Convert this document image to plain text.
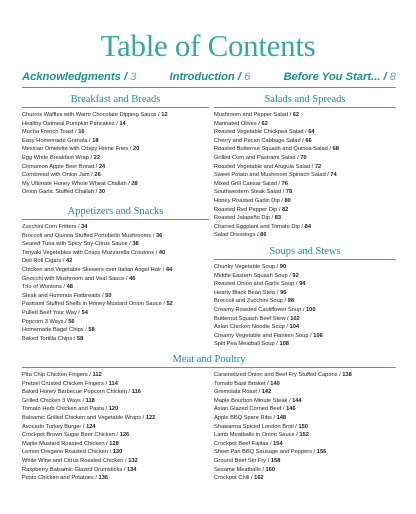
Table of Contents
Acknowledgments / 3	Introduction / 6	Before You Start... / 8
Breakfast and Breads
Churros Waffles with Warm Chocolate Dipping Sauce / 12
Healthy Oatmeal Pumpkin Pancakes / 14
Mocha French Toast / 16
Easy Homemade Granola / 18
Mexican Omelette with Crispy Home Fries / 20
Egg White Breakfast Wrap / 22
Cinnamon Apple Beer Bread / 24
Cornbread with Onion Jam / 26
My Ultimate Honey Whole Wheat Challah / 28
Onion Garlic Stuffed Challah / 30
Appetizers and Snacks
Zucchini Corn Fritters / 34
Broccoli and Quinoa Stuffed Portobello Mushrooms / 36
Seared Tuna with Spicy Soy-Citrus Sauce / 38
Teriyaki Vegetables with Crispy Mozzarella Croutons / 40
Deli Roll Cigars / 42
Chicken and Vegetable Skewers over Italian Angel Hair / 44
Gnocchi with Mushroom and Veal Sauce / 46
Trio of Wontons / 48
Steak and Hummus Flatbreads / 50
Pastrami Stuffed Shells in Honey Mustard Onion Sauce / 52
Pulled Beef Your Way / 54
Popcorn 3 Ways / 56
Homemade Bagel Chips / 58
Baked Tortilla Chips / 58
Salads and Spreads
Mushroom and Pepper Salad / 62
Marinated Olives / 62
Roasted Vegetable Chickpea Salad / 64
Cherry and Pecan Cabbage Salad / 66
Roasted Butternut Squash and Quinoa Salad / 68
Grilled Corn and Pastrami Salad / 70
Roasted Vegetable and Arugula Salad / 72
Sweet Potato and Mushroom Spinach Salad / 74
Mixed Grill Caesar Salad / 76
Southwestern Steak Salad / 78
Honey Roasted Garlic Dip / 80
Roasted Red Pepper Dip / 82
Roasted Jalapeño Dip / 83
Charred Eggplant and Tomato Dip / 84
Salad Dressings / 86
Soups and Stews
Chunky Vegetable Soup / 90
Middle Eastern Squash Soup / 92
Roasted Onion and Garlic Soup / 94
Hearty Black Bean Stew / 96
Broccoli and Zucchini Soup / 98
Creamy Roasted Cauliflower Soup / 100
Butternut Squash Beef Stew / 102
Asian Chicken Noodle Soup / 104
Creamy Vegetable and Flanken Soup / 106
Split Pea Meatball Soup / 108
Meat and Poultry
Pita Chip Chicken Fingers / 112
Pretzel Crusted Chicken Fingers / 114
Baked Honey Barbecue Popcorn Chicken / 116
Grilled Chicken 3 Ways / 118
Tomato Herb Chicken and Pasta / 120
Balsamic Grilled Chicken and Vegetable Wraps / 122
Avocado Turkey Burger / 124
Crockpot Brown Sugar Beer Chicken / 126
Maple Mustard Roasted Chicken / 128
Lemon Oregano Roasted Chicken / 130
White Wine and Citrus Roasted Chicken / 132
Raspberry Balsamic Glazed Drumsticks / 134
Pesto Chicken and Potatoes / 136
Caramelized Onion and Beef Fry Stuffed Capons / 138
Tomato Basil Brisket / 140
Gremolata Roast / 142
Maple Bourbon Minute Steak / 144
Asian Glazed Corned Beef / 146
Apple BBQ Spare Ribs / 148
Shawarma Spiced London Broil / 150
Lamb Meatballs in Onion Sauce / 152
Crockpot Beef Fajitas / 154
Sheet Pan BBQ Sausage and Peppers / 156
Ground Beef Stir Fry / 158
Sesame Meatballs / 160
Crockpot Chili / 162
